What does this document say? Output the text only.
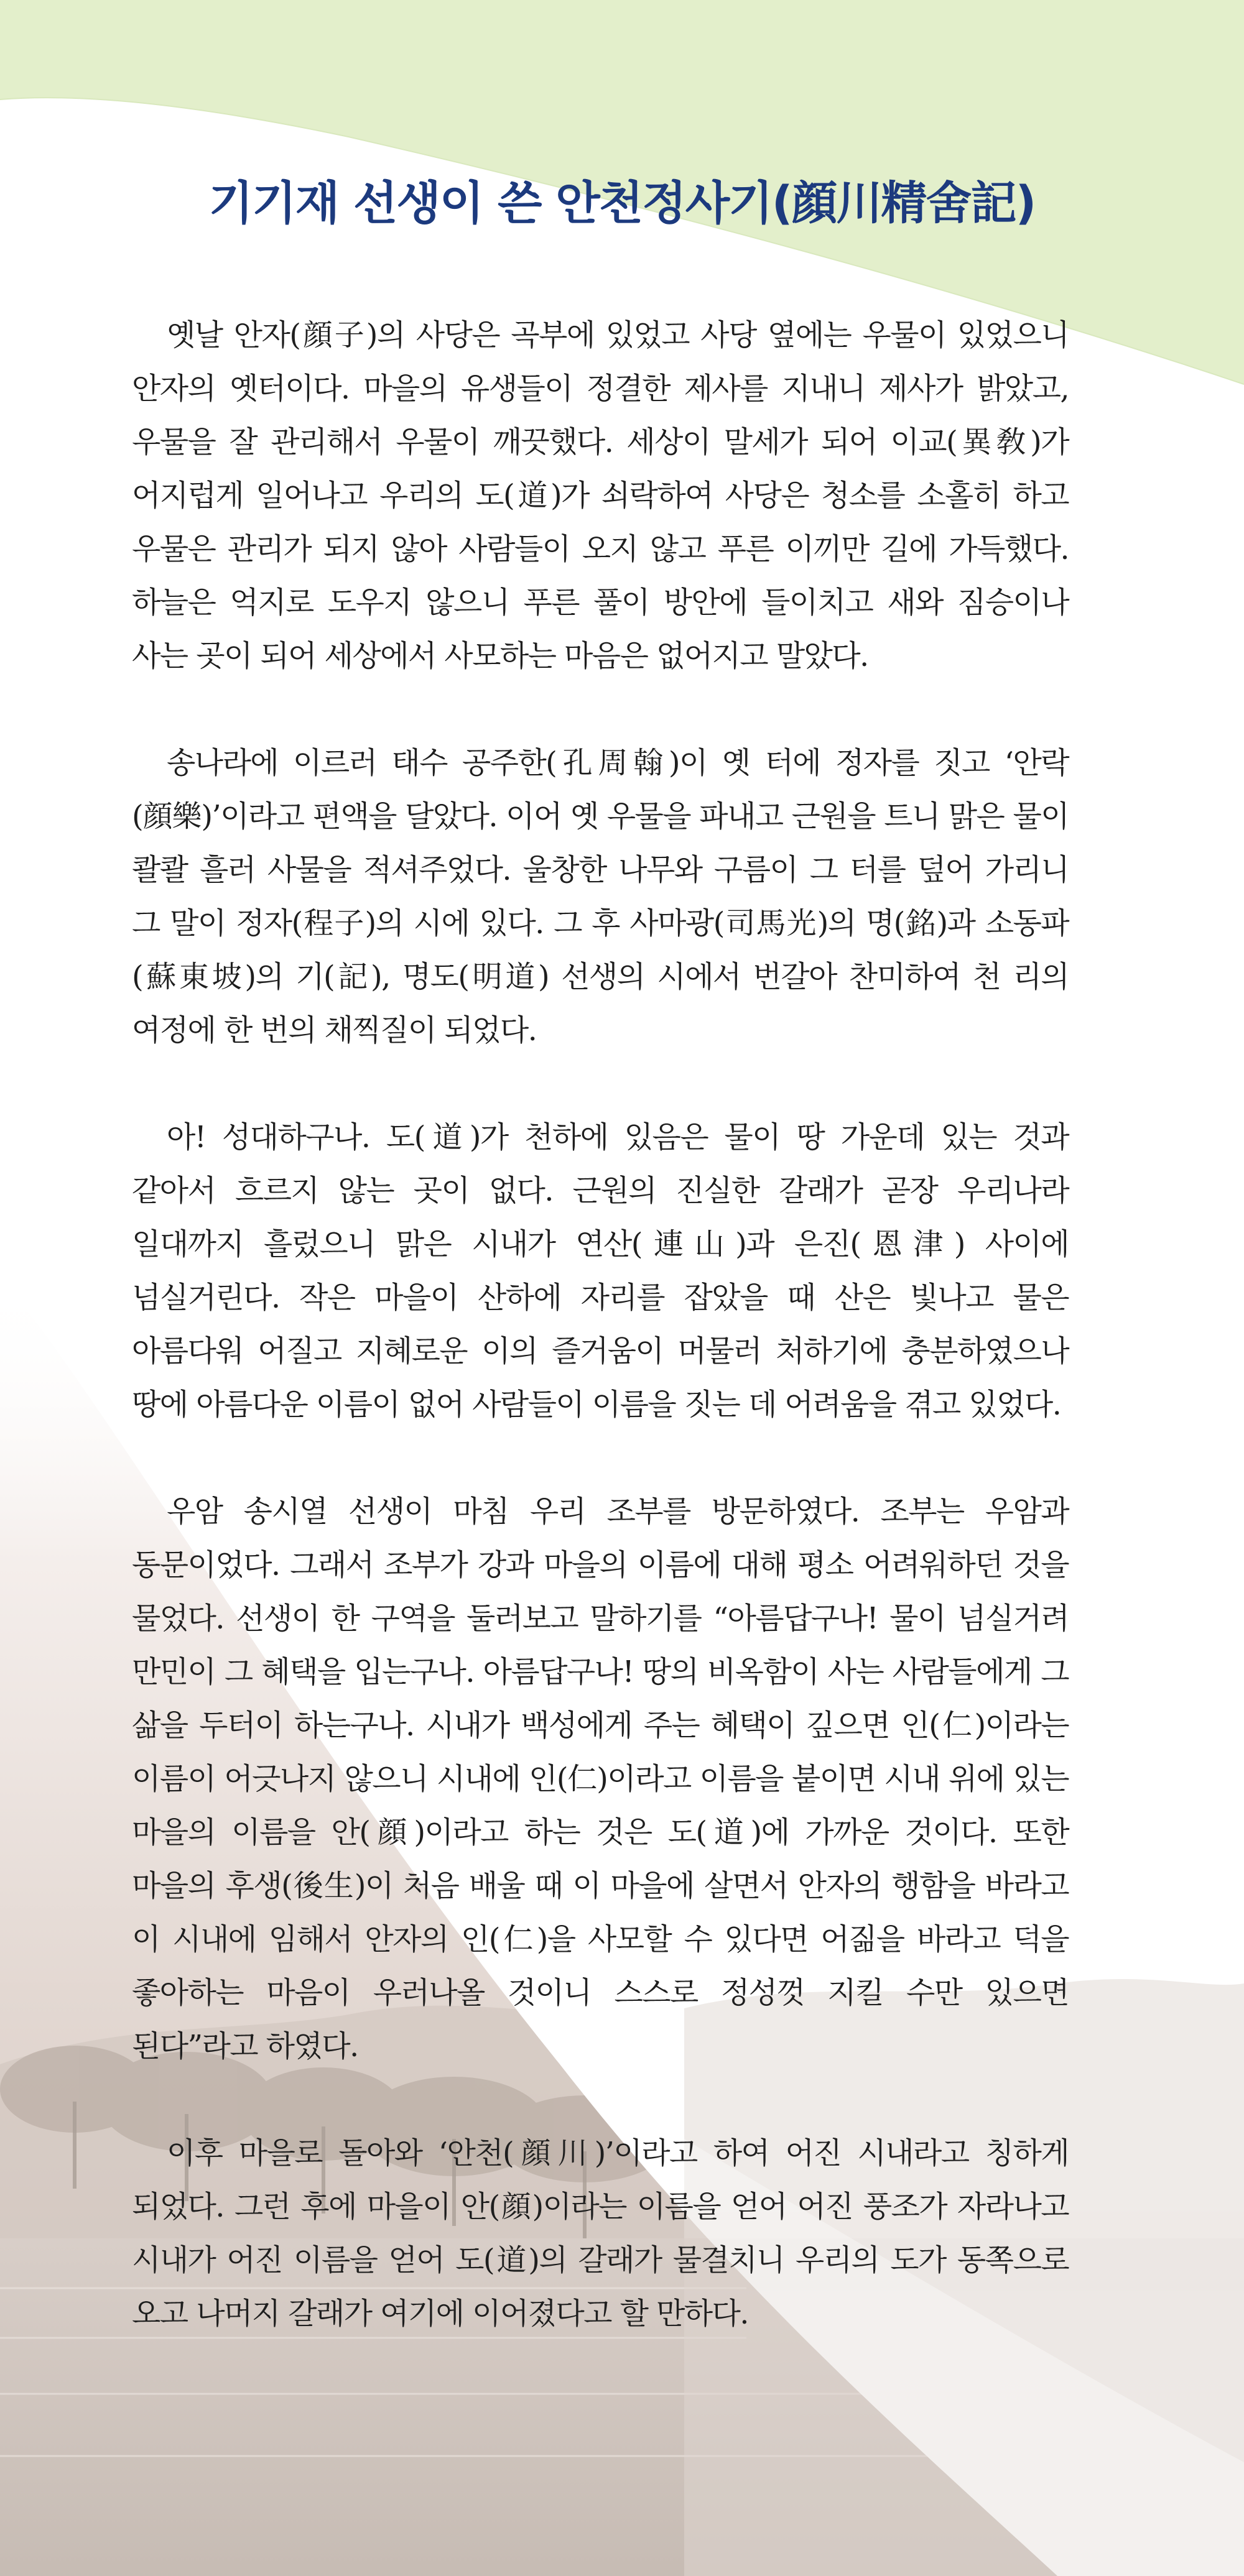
기기재 선생이 쓴 안천정사기(顔川精舍記)

옛날 안자(顔子)의 사당은 곡부에 있었고 사당 옆에는 우물이 있었으니 안자의 옛터이다. 마을의 유생들이 정결한 제사를 지내니 제사가 밝았고, 우물을 잘 관리해서 우물이 깨끗했다. 세상이 말세가 되어 이교(異敎)가 어지럽게 일어나고 우리의 도(道)가 쇠락하여 사당은 청소를 소홀히 하고 우물은 관리가 되지 않아 사람들이 오지 않고 푸른 이끼만 길에 가득했다. 하늘은 억지로 도우지 않으니 푸른 풀이 방안에 들이치고 새와 짐승이나 사는 곳이 되어 세상에서 사모하는 마음은 없어지고 말았다.

송나라에 이르러 태수 공주한(孔周翰)이 옛 터에 정자를 짓고 ‘안락(顔樂)’이라고 편액을 달았다. 이어 옛 우물을 파내고 근원을 트니 맑은 물이 콸콸 흘러 사물을 적셔주었다. 울창한 나무와 구름이 그 터를 덮어 가리니 그 말이 정자(程子)의 시에 있다. 그 후 사마광(司馬光)의 명(銘)과 소동파(蘇東坡)의 기(記), 명도(明道) 선생의 시에서 번갈아 찬미하여 천 리의 여정에 한 번의 채찍질이 되었다.

아! 성대하구나. 도(道)가 천하에 있음은 물이 땅 가운데 있는 것과 같아서 흐르지 않는 곳이 없다. 근원의 진실한 갈래가 곧장 우리나라 일대까지 흘렀으니 맑은 시내가 연산(連山)과 은진(恩津) 사이에 넘실거린다. 작은 마을이 산하에 자리를 잡았을 때 산은 빛나고 물은 아름다워 어질고 지혜로운 이의 즐거움이 머물러 처하기에 충분하였으나 땅에 아름다운 이름이 없어 사람들이 이름을 짓는 데 어려움을 겪고 있었다.

우암 송시열 선생이 마침 우리 조부를 방문하였다. 조부는 우암과 동문이었다. 그래서 조부가 강과 마을의 이름에 대해 평소 어려워하던 것을 물었다. 선생이 한 구역을 둘러보고 말하기를 “아름답구나! 물이 넘실거려 만민이 그 혜택을 입는구나. 아름답구나! 땅의 비옥함이 사는 사람들에게 그 삶을 두터이 하는구나. 시내가 백성에게 주는 혜택이 깊으면 인(仁)이라는 이름이 어긋나지 않으니 시내에 인(仁)이라고 이름을 붙이면 시내 위에 있는 마을의 이름을 안(顔)이라고 하는 것은 도(道)에 가까운 것이다. 또한 마을의 후생(後生)이 처음 배울 때 이 마을에 살면서 안자의 행함을 바라고 이 시내에 임해서 안자의 인(仁)을 사모할 수 있다면 어짊을 바라고 덕을 좋아하는 마음이 우러나올 것이니 스스로 정성껏 지킬 수만 있으면 된다”라고 하였다.

이후 마을로 돌아와 ‘안천(顔川)’이라고 하여 어진 시내라고 칭하게 되었다. 그런 후에 마을이 안(顔)이라는 이름을 얻어 어진 풍조가 자라나고 시내가 어진 이름을 얻어 도(道)의 갈래가 물결치니 우리의 도가 동쪽으로 오고 나머지 갈래가 여기에 이어졌다고 할 만하다.
